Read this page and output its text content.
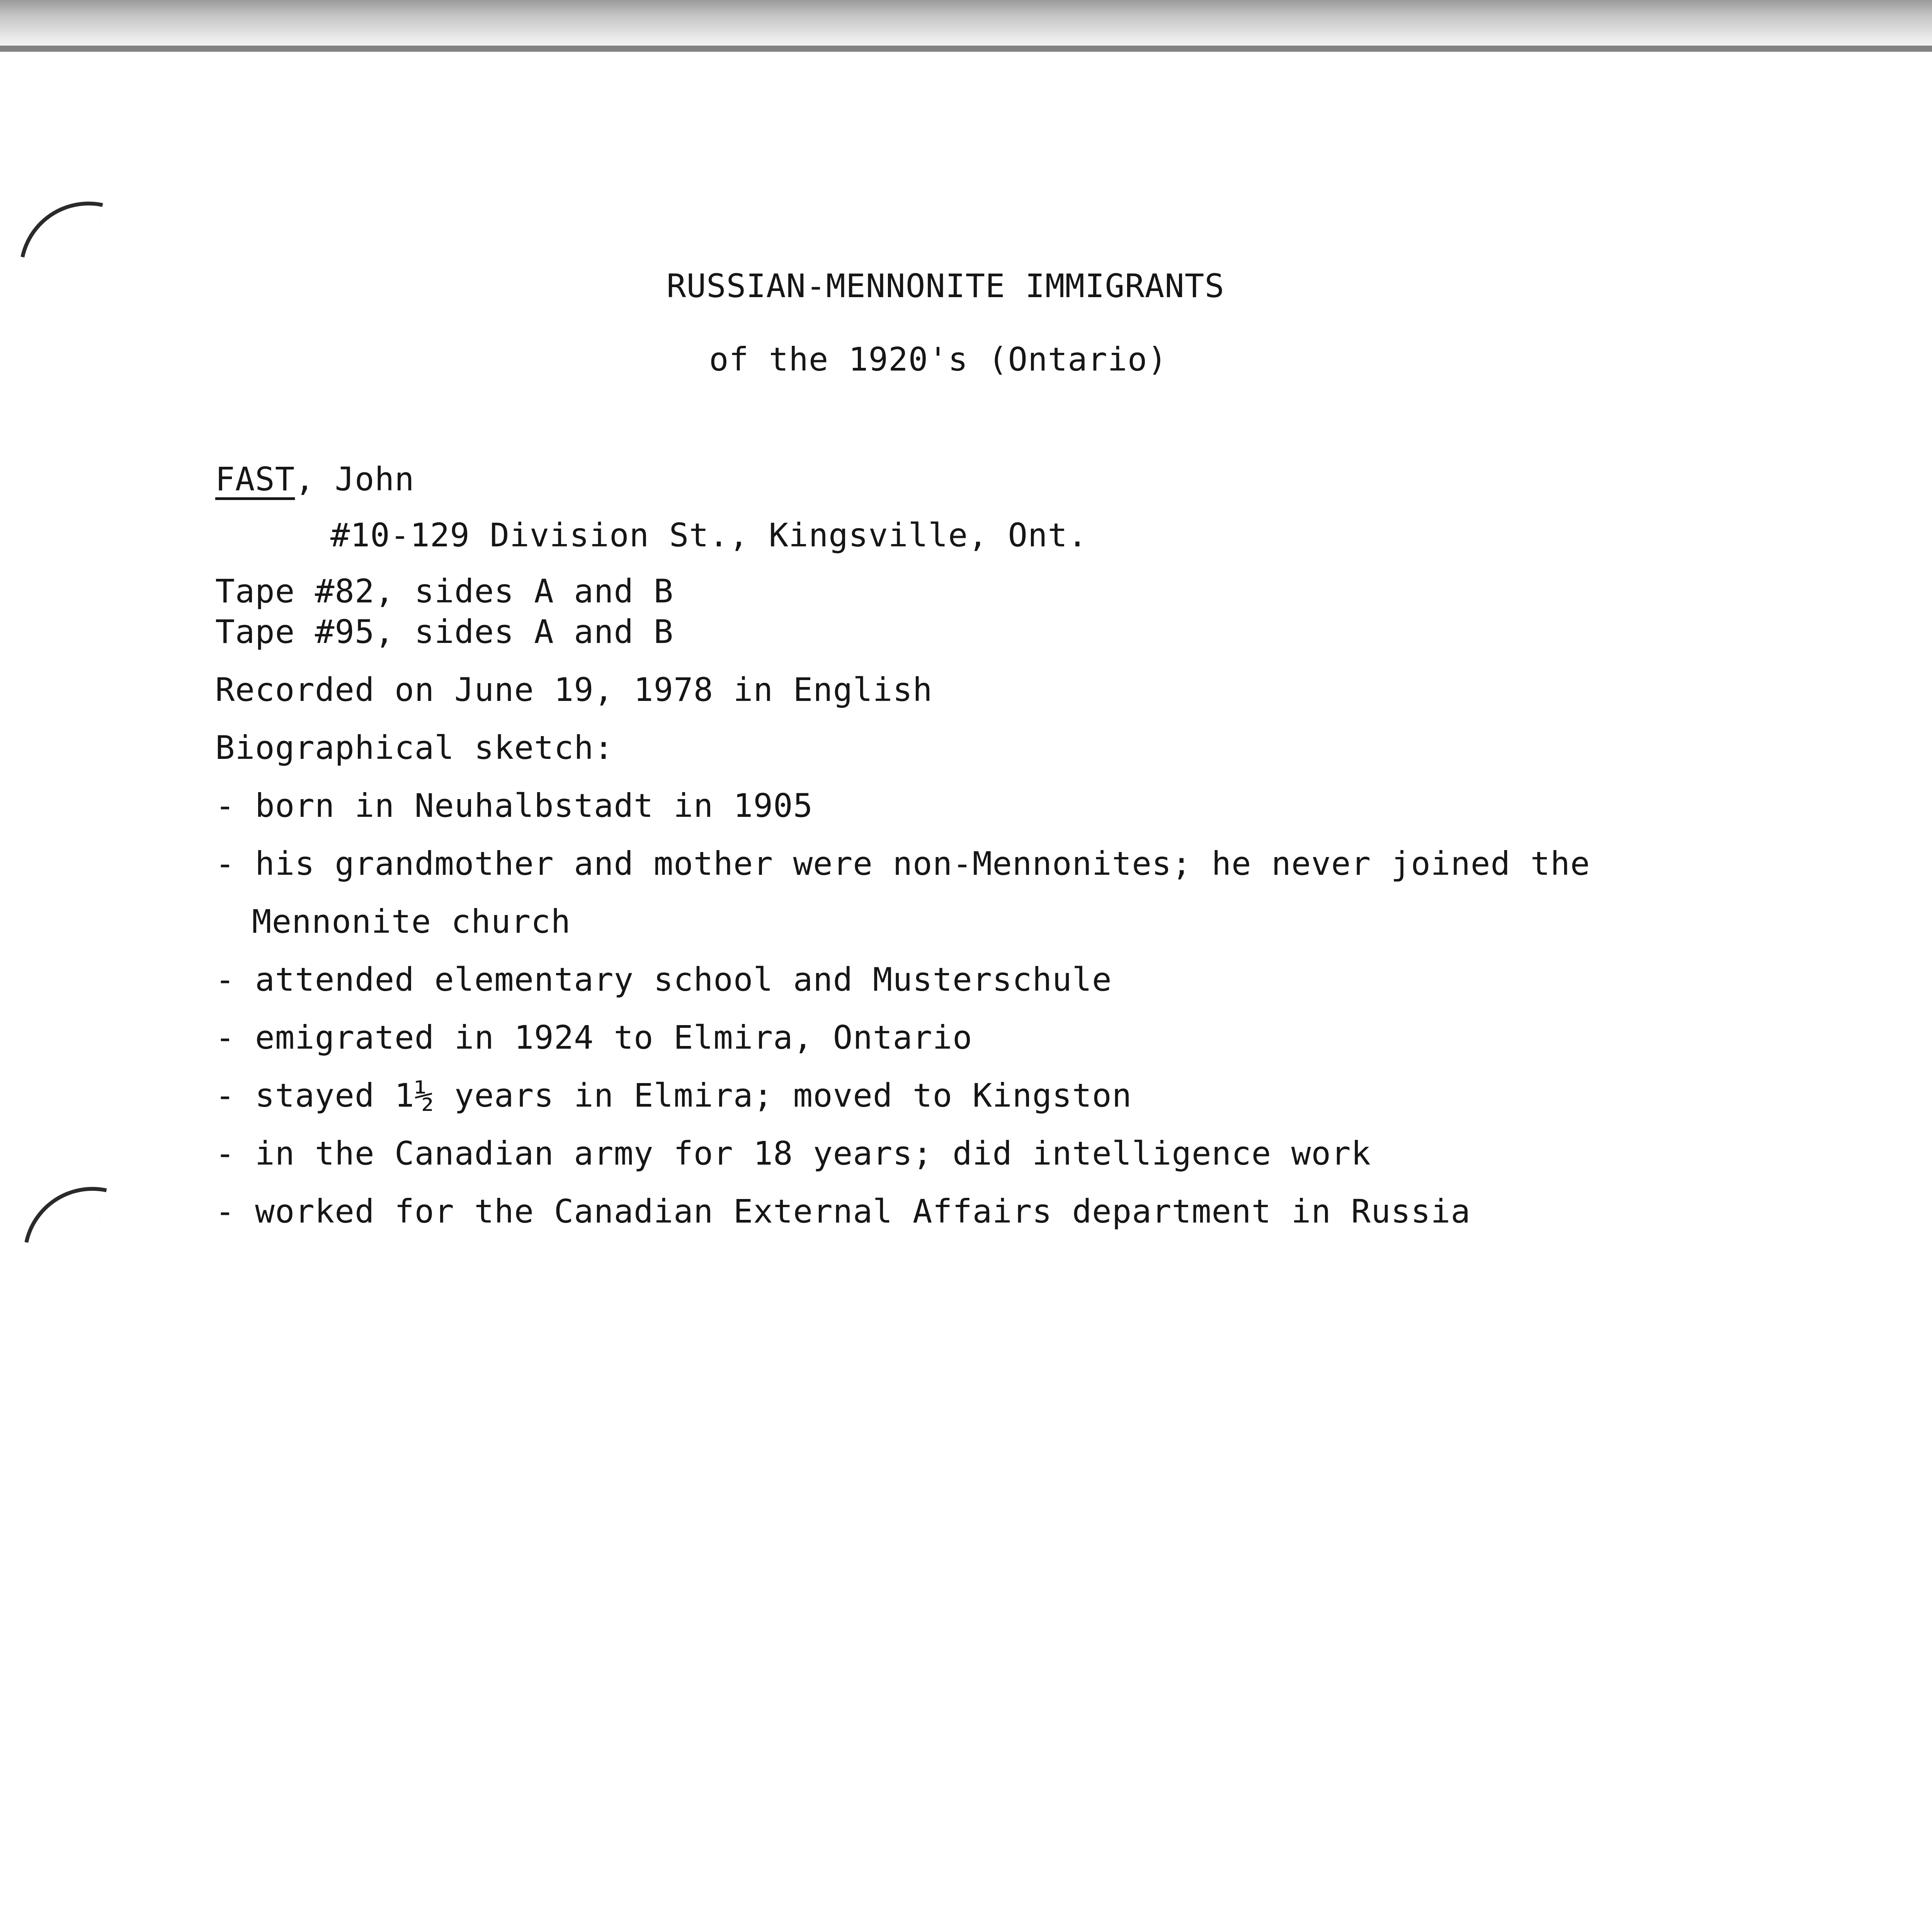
RUSSIAN-MENNONITE IMMIGRANTS
of the 1920's (Ontario)
FAST, John
#10-129 Division St., Kingsville, Ont.
Tape #82, sides A and B
Tape #95, sides A and B
Recorded on June 19, 1978 in English
Biographical sketch:
- born in Neuhalbstadt in 1905
- his grandmother and mother were non-Mennonites; he never joined the
Mennonite church
- attended elementary school and Musterschule
- emigrated in 1924 to Elmira, Ontario
- stayed 1½ years in Elmira; moved to Kingston
- in the Canadian army for 18 years; did intelligence work
- worked for the Canadian External Affairs department in Russia
